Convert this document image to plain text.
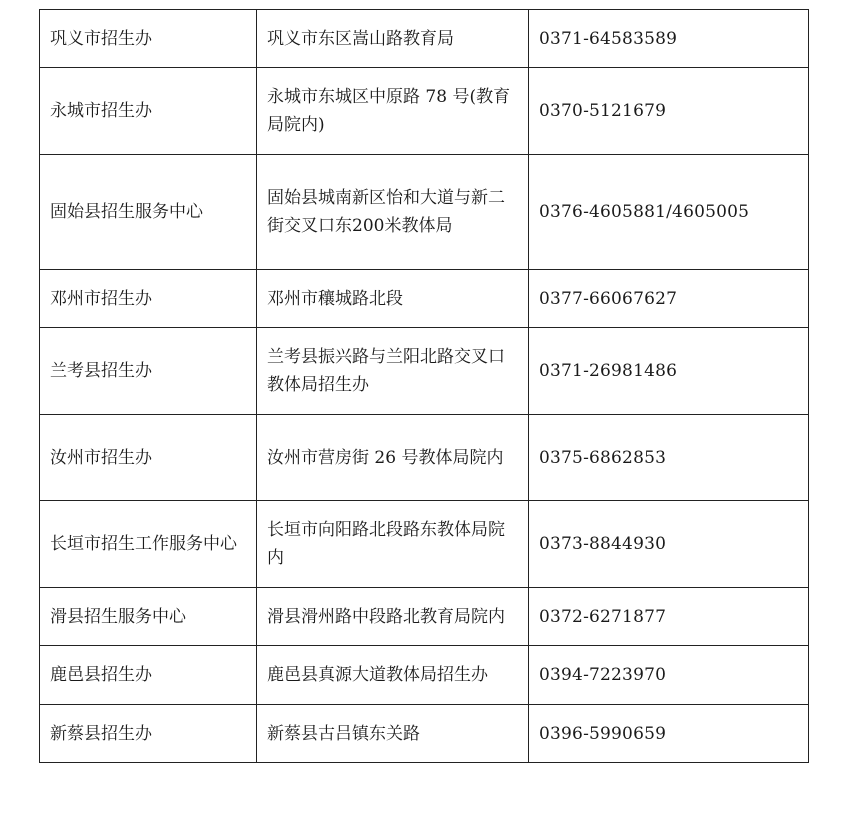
巩义市招生办	巩义市东区嵩山路教育局	0371-64583589
永城市招生办	永城市东城区中原路 78 号(教育局院内)	0370-5121679
固始县招生服务中心	固始县城南新区怡和大道与新二街交叉口东200米教体局	0376-4605881/4605005
邓州市招生办	邓州市穰城路北段	0377-66067627
兰考县招生办	兰考县振兴路与兰阳北路交叉口教体局招生办	0371-26981486
汝州市招生办	汝州市营房街 26 号教体局院内	0375-6862853
长垣市招生工作服务中心	长垣市向阳路北段路东教体局院内	0373-8844930
滑县招生服务中心	滑县滑州路中段路北教育局院内	0372-6271877
鹿邑县招生办	鹿邑县真源大道教体局招生办	0394-7223970
新蔡县招生办	新蔡县古吕镇东关路	0396-5990659
